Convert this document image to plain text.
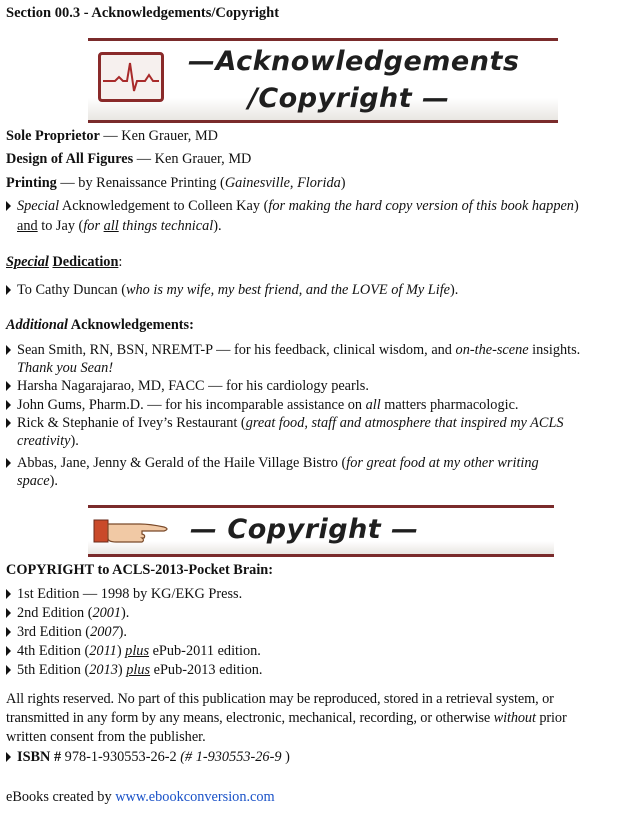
Section 00.3 - Acknowledgements/Copyright
—Acknowledgements
/Copyright —
Sole Proprietor — Ken Grauer, MD
Design of All Figures — Ken Grauer, MD
Printing — by Renaissance Printing (Gainesville, Florida)
Special Acknowledgement to Colleen Kay (for making the hard copy version of this book happen)
and to Jay (for all things technical).
Special Dedication:
To Cathy Duncan (who is my wife, my best friend, and the LOVE of My Life).
Additional Acknowledgements:
Sean Smith, RN, BSN, NREMT-P — for his feedback, clinical wisdom, and on-the-scene insights.
Thank you Sean!
Harsha Nagarajarao, MD, FACC — for his cardiology pearls.
John Gums, Pharm.D. — for his incomparable assistance on all matters pharmacologic.
Rick & Stephanie of Ivey’s Restaurant (great food, staff and atmosphere that inspired my ACLS
creativity).
Abbas, Jane, Jenny & Gerald of the Haile Village Bistro (for great food at my other writing
space).
— Copyright —
COPYRIGHT to ACLS-2013-Pocket Brain:
1st Edition — 1998 by KG/EKG Press.
2nd Edition (2001).
3rd Edition (2007).
4th Edition (2011) plus ePub-2011 edition.
5th Edition (2013) plus ePub-2013 edition.
All rights reserved. No part of this publication may be reproduced, stored in a retrieval system, or
transmitted in any form by any means, electronic, mechanical, recording, or otherwise without prior
written consent from the publisher.
ISBN # 978-1-930553-26-2 (# 1-930553-26-9 )
eBooks created by www.ebookconversion.com
